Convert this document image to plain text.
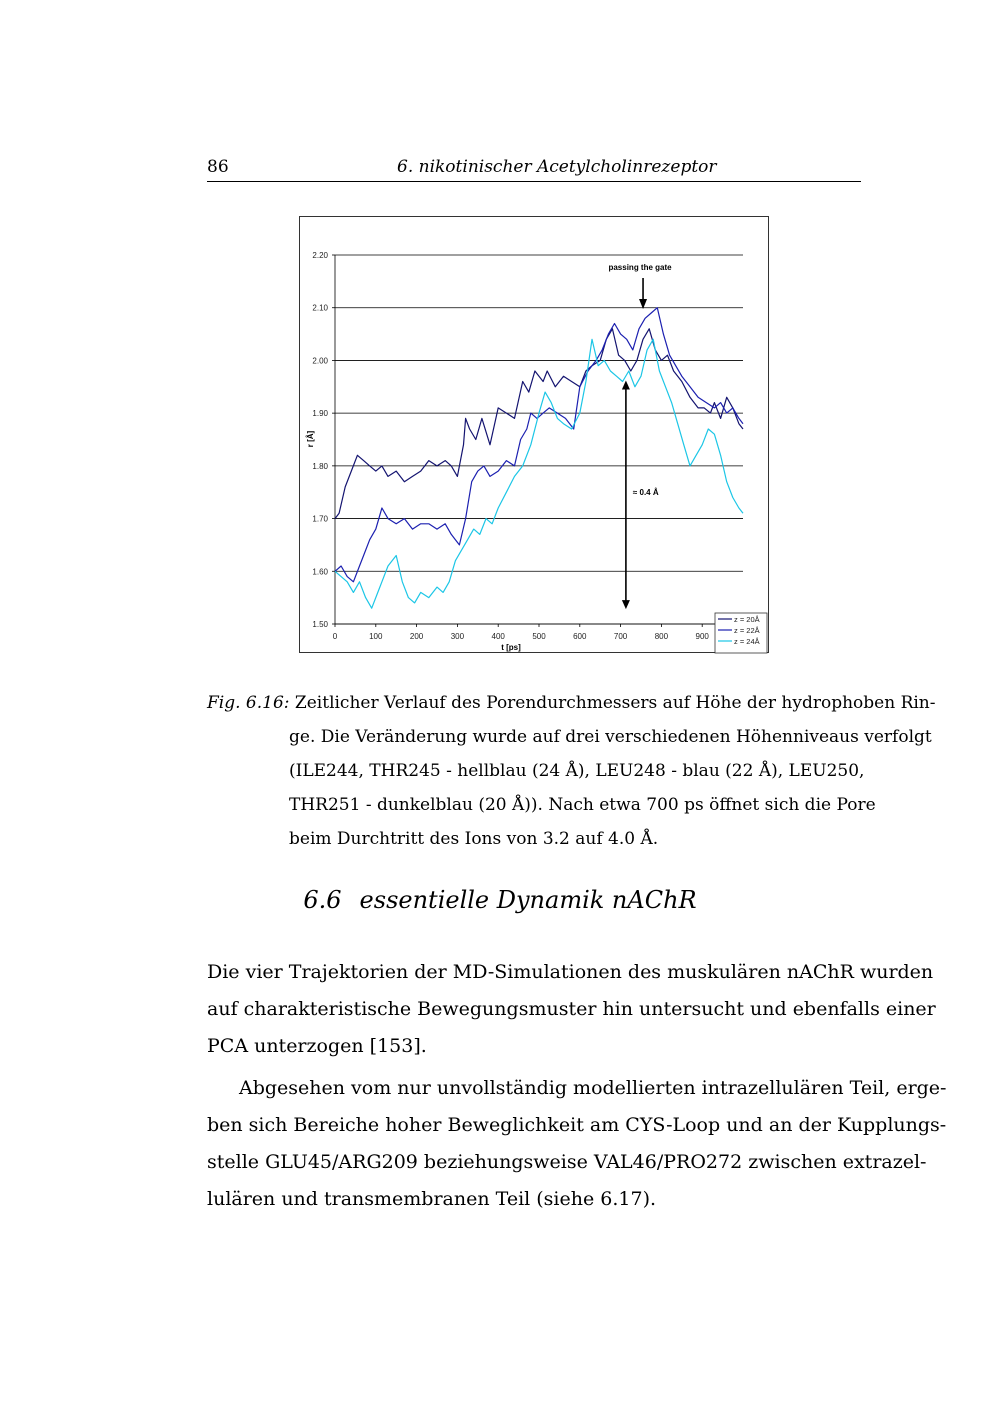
86	6. nikotinischer Acetylcholinrezeptor
1.50
1.60
1.70
1.80
1.90
2.00
2.10
2.20
0	100	200	300	400	500	600	700	800	900
t [ps]
r [Å]
passing the gate
≈ 0.4 Å
z = 20Å
z = 22Å
z = 24Å
Fig. 6.16: Zeitlicher Verlauf des Porendurchmessers auf Höhe der hydrophoben Rin-
ge. Die Veränderung wurde auf drei verschiedenen Höhenniveaus verfolgt
(ILE244, THR245 - hellblau (24 Å), LEU248 - blau (22 Å), LEU250,
THR251 - dunkelblau (20 Å)). Nach etwa 700 ps öffnet sich die Pore
beim Durchtritt des Ions von 3.2 auf 4.0 Å.
6.6 essentielle Dynamik nAChR
Die vier Trajektorien der MD-Simulationen des muskulären nAChR wurden
auf charakteristische Bewegungsmuster hin untersucht und ebenfalls einer
PCA unterzogen [153].
Abgesehen vom nur unvollständig modellierten intrazellulären Teil, erge-
ben sich Bereiche hoher Beweglichkeit am CYS-Loop und an der Kupplungs-
stelle GLU45/ARG209 beziehungsweise VAL46/PRO272 zwischen extrazel-
lulären und transmembranen Teil (siehe 6.17).
